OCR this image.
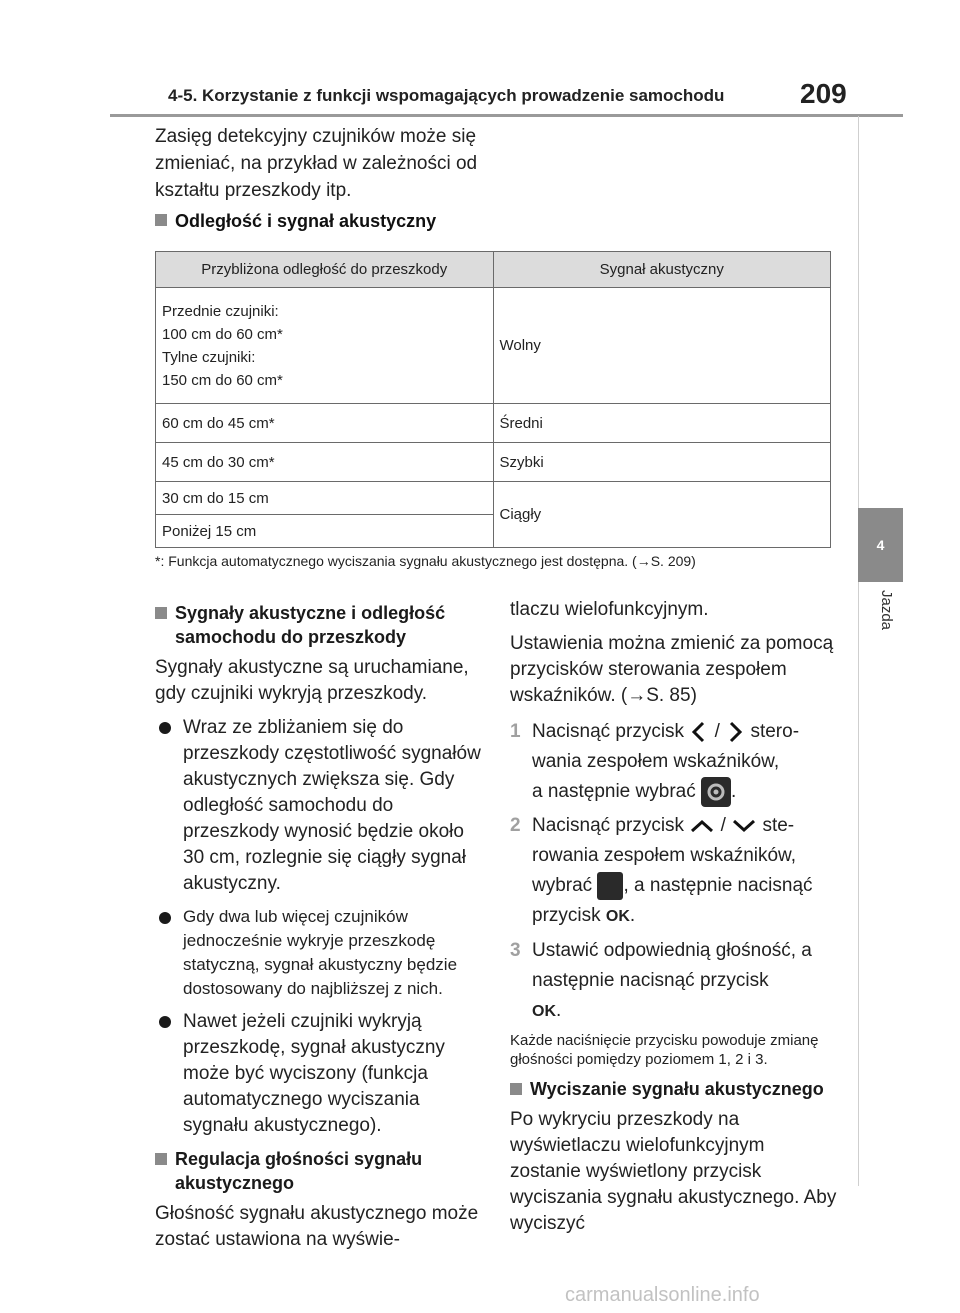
4-5. Korzystanie z funkcji wspomagających prowadzenie samochodu	209
4
Jazda
Zasięg detekcyjny czujników może się zmieniać, na przykład w zależności od kształtu przeszkody itp.
Odległość i sygnał akustyczny
Przybliżona odległość do przeszkody	Sygnał akustyczny

Przednie czujniki:
100 cm do 60 cm*
Tylne czujniki:
150 cm do 60 cm*	Wolny
60 cm do 45 cm*	Średni
45 cm do 30 cm*	Szybki
30 cm do 15 cm	Ciągły
Poniżej 15 cm	
*: Funkcja automatycznego wyciszania sygnału akustycznego jest dostępna. (→S. 209)
Sygnały akustyczne i odległość samochodu do przeszkody

Sygnały akustyczne są uruchamiane, gdy czujniki wykryją przeszkody.

Wraz ze zbliżaniem się do przeszkody częstotliwość sygnałów akustycznych zwiększa się. Gdy odległość samochodu do przeszkody wynosić będzie około 30 cm, rozlegnie się ciągły sygnał akustyczny.
Gdy dwa lub więcej czujników jednocześnie wykryje przeszkodę statyczną, sygnał akustyczny będzie dostosowany do najbliższej z nich.
Nawet jeżeli czujniki wykryją przeszkodę, sygnał akustyczny może być wyciszony (funkcja automatycznego wyciszania sygnału akustycznego).
Regulacja głośności sygnału akustycznego

Głośność sygnału akustycznego może zostać ustawiona na wyświe-

tlaczu wielofunkcyjnym.

Ustawienia można zmienić za pomocą przycisków sterowania zespołem wskaźników. (→S. 85)

1 Nacisnąć przycisk  /  stero-
wania zespołem wskaźników,
a następnie wybrać .
2 Nacisnąć przycisk  /  ste-
rowania zespołem wskaźników,
wybrać , a następnie nacisnąć
przycisk OK.
3 Ustawić odpowiednią głośność, a następnie nacisnąć przycisk
OK.

Każde naciśnięcie przycisku powoduje zmianę głośności pomiędzy poziomem 1, 2 i 3.

Wyciszanie sygnału akustycznego

Po wykryciu przeszkody na wyświetlaczu wielofunkcyjnym zostanie wyświetlony przycisk wyciszania sygnału akustycznego. Aby wyciszyć

carmanualsonline.info
